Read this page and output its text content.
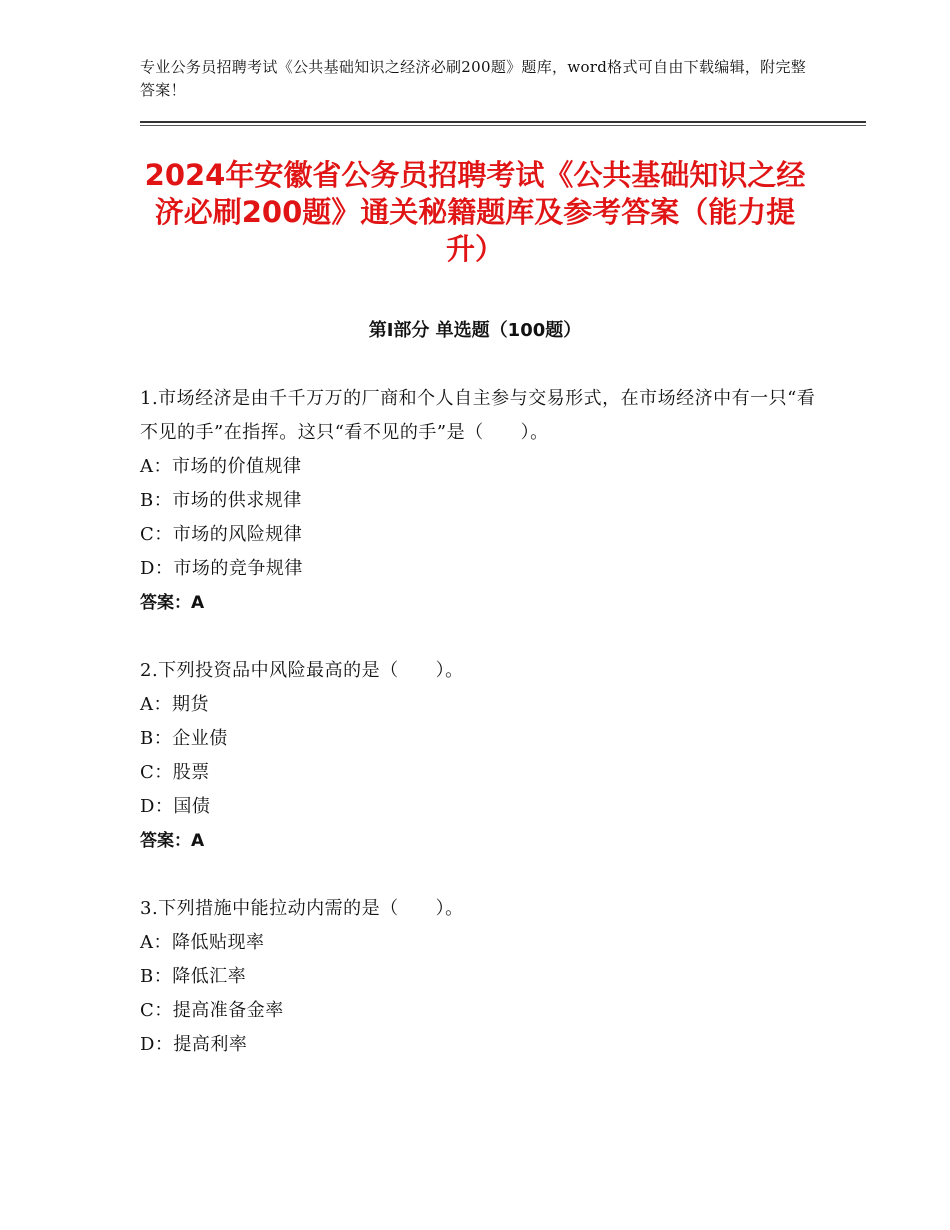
专业公务员招聘考试《公共基础知识之经济必刷200题》题库，word格式可自由下载编辑，附完整答案！
2024年安徽省公务员招聘考试《公共基础知识之经济必刷200题》通关秘籍题库及参考答案（能力提升）
第Ⅰ部分 单选题（100题）
1.市场经济是由千千万万的厂商和个人自主参与交易形式，在市场经济中有一只“看不见的手”在指挥。这只“看不见的手”是（　　）。
A：市场的价值规律
B：市场的供求规律
C：市场的风险规律
D：市场的竞争规律
答案：A
2.下列投资品中风险最高的是（　　）。
A：期货
B：企业债
C：股票
D：国债
答案：A
3.下列措施中能拉动内需的是（　　）。
A：降低贴现率
B：降低汇率
C：提高准备金率
D：提高利率
